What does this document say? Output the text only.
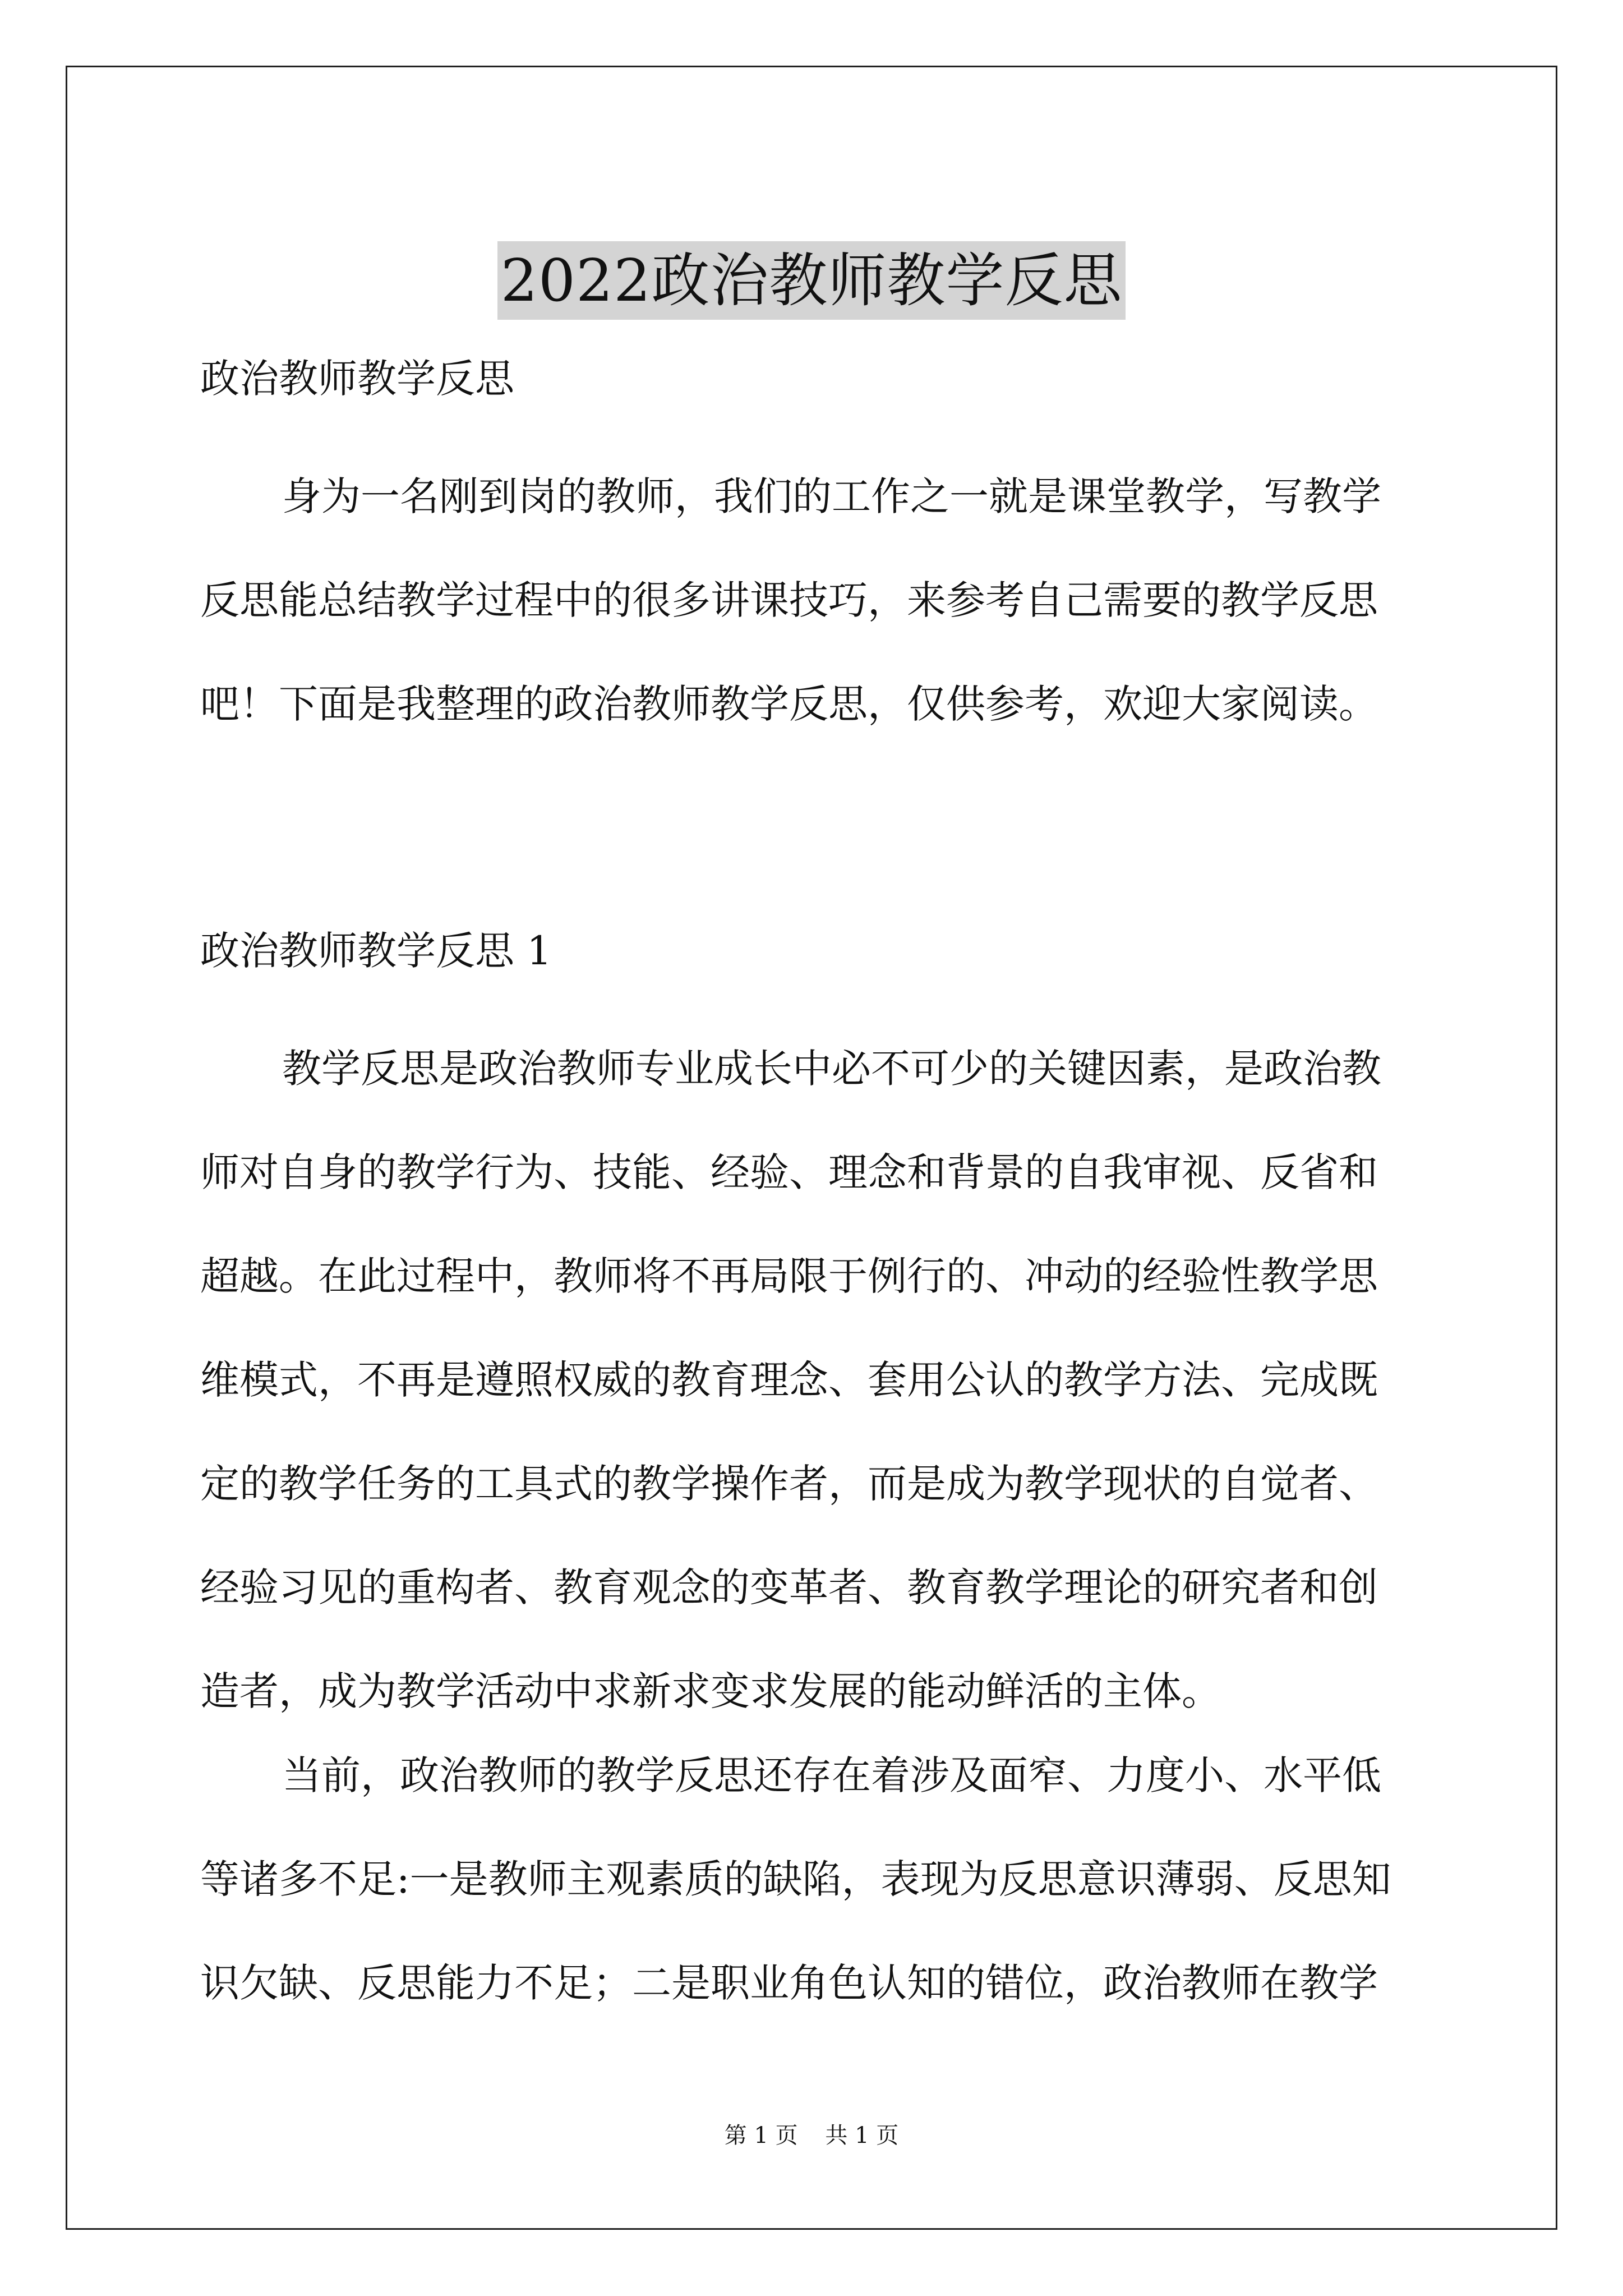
2022政治教师教学反思

政治教师教学反思

身为一名刚到岗的教师，我们的工作之一就是课堂教学，写教学

反思能总结教学过程中的很多讲课技巧，来参考自己需要的教学反思

吧！下面是我整理的政治教师教学反思，仅供参考，欢迎大家阅读。

政治教师教学反思 1

教学反思是政治教师专业成长中必不可少的关键因素，是政治教

师对自身的教学行为、技能、经验、理念和背景的自我审视、反省和

超越。在此过程中，教师将不再局限于例行的、冲动的经验性教学思

维模式，不再是遵照权威的教育理念、套用公认的教学方法、完成既

定的教学任务的工具式的教学操作者，而是成为教学现状的自觉者、

经验习见的重构者、教育观念的变革者、教育教学理论的研究者和创

造者，成为教学活动中求新求变求发展的能动鲜活的主体。

当前，政治教师的教学反思还存在着涉及面窄、力度小、水平低

等诸多不足:一是教师主观素质的缺陷，表现为反思意识薄弱、反思知

识欠缺、反思能力不足；二是职业角色认知的错位，政治教师在教学

第 1 页 共 1 页
